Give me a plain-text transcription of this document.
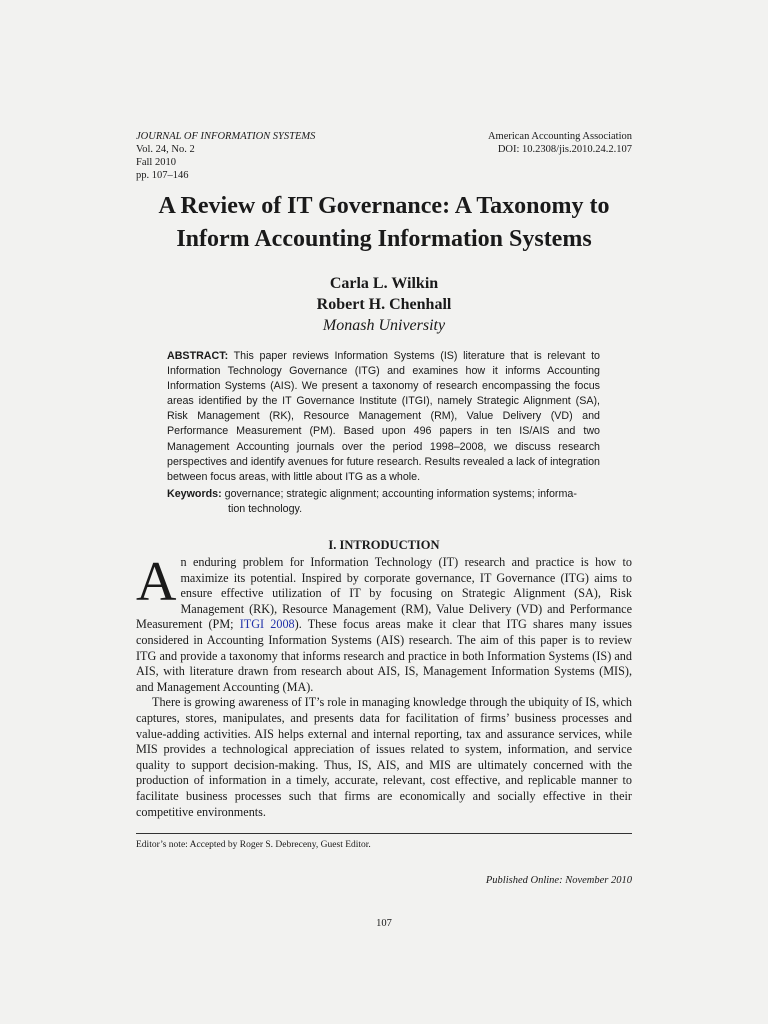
JOURNAL OF INFORMATION SYSTEMS
Vol. 24, No. 2
Fall 2010
pp. 107–146
American Accounting Association
DOI: 10.2308/jis.2010.24.2.107
A Review of IT Governance: A Taxonomy to
Inform Accounting Information Systems
Carla L. Wilkin
Robert H. Chenhall
Monash University
ABSTRACT: This paper reviews Information Systems (IS) literature that is relevant to Information Technology Governance (ITG) and examines how it informs Accounting Information Systems (AIS). We present a taxonomy of research encompassing the focus areas identified by the IT Governance Institute (ITGI), namely Strategic Alignment (SA), Risk Management (RK), Resource Management (RM), Value Delivery (VD) and Performance Measurement (PM). Based upon 496 papers in ten IS/AIS and two Management Accounting journals over the period 1998–2008, we discuss research perspectives and identify avenues for future research. Results revealed a lack of integration between focus areas, with little about ITG as a whole.
Keywords: governance; strategic alignment; accounting information systems; informa-
tion technology.
I. INTRODUCTION

An enduring problem for Information Technology (IT) research and practice is how to maximize its potential. Inspired by corporate governance, IT Governance (ITG) aims to ensure effective utilization of IT by focusing on Strategic Alignment (SA), Risk Management (RK), Resource Management (RM), Value Delivery (VD) and Performance Measurement (PM; ITGI 2008). These focus areas make it clear that ITG shares many issues considered in Accounting Information Systems (AIS) research. The aim of this paper is to review ITG and provide a taxonomy that informs research and practice in both Information Systems (IS) and AIS, with literature drawn from research about AIS, IS, Management Information Systems (MIS), and Management Accounting (MA).

There is growing awareness of IT’s role in managing knowledge through the ubiquity of IS, which captures, stores, manipulates, and presents data for facilitation of firms’ business processes and value-adding activities. AIS helps external and internal reporting, tax and assurance services, while MIS provides a technological appreciation of issues related to system, information, and service quality to support decision-making. Thus, IS, AIS, and MIS are ultimately concerned with the production of information in a timely, accurate, relevant, cost effective, and replicable manner to facilitate business processes such that firms are economically and socially effective in their competitive environments.

Editor’s note: Accepted by Roger S. Debreceny, Guest Editor.
Published Online: November 2010
107
